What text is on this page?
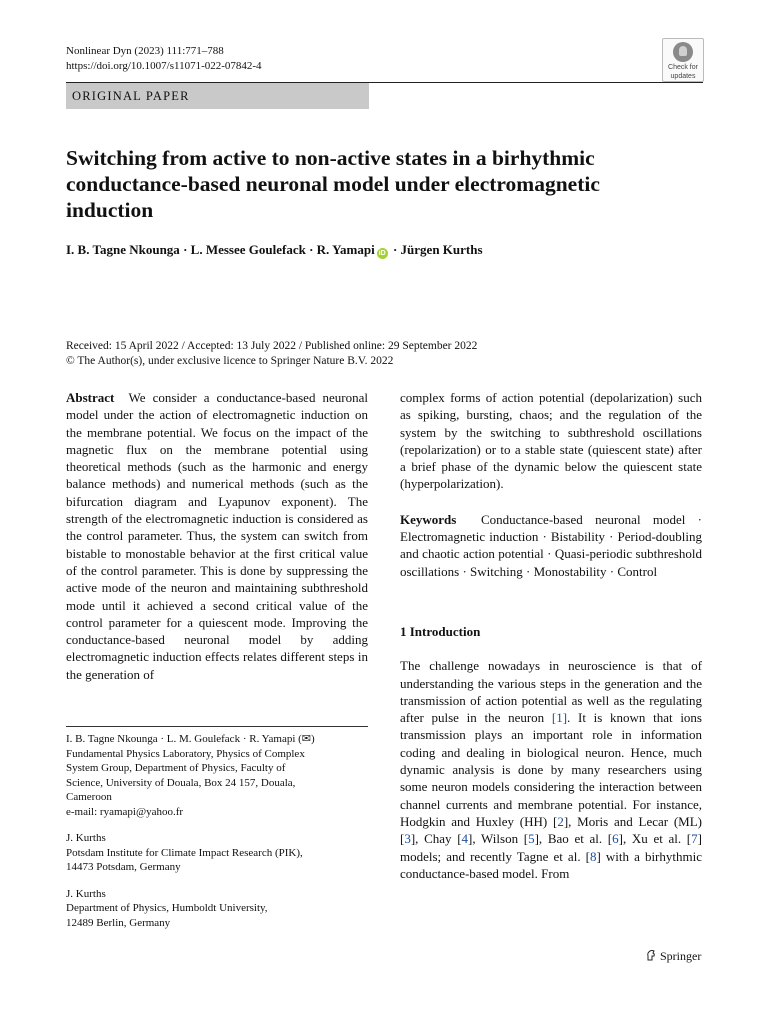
Nonlinear Dyn (2023) 111:771–788
https://doi.org/10.1007/s11071-022-07842-4	Check for
updates
ORIGINAL PAPER
Switching from active to non-active states in a birhythmic conductance-based neuronal model under electromagnetic induction
I. B. Tagne Nkounga · L. Messee Goulefack · R. Yamapi iD · Jürgen Kurths
Received: 15 April 2022 / Accepted: 13 July 2022 / Published online: 29 September 2022
© The Author(s), under exclusive licence to Springer Nature B.V. 2022

Abstract We consider a conductance-based neuronal model under the action of electromagnetic induction on the membrane potential. We focus on the impact of the magnetic flux on the membrane potential using theoretical methods (such as the harmonic and energy balance methods) and numerical methods (such as the bifurcation diagram and Lyapunov exponent). The strength of the electromagnetic induction is considered as the control parameter. Thus, the system can switch from bistable to monostable behavior at the first critical value of the control parameter. This is done by suppressing the active mode of the neuron and maintaining subthreshold mode until it achieved a second critical value of the control parameter for a quiescent mode. Improving the conductance-based neuronal model by adding electromagnetic induction effects relates different steps in the generation of

I. B. Tagne Nkounga · L. M. Goulefack · R. Yamapi (✉)
Fundamental Physics Laboratory, Physics of Complex
System Group, Department of Physics, Faculty of
Science, University of Douala, Box 24 157, Douala,
Cameroon
e-mail: ryamapi@yahoo.fr
J. Kurths
Potsdam Institute for Climate Impact Research (PIK),
14473 Potsdam, Germany
J. Kurths
Department of Physics, Humboldt University,
12489 Berlin, Germany

complex forms of action potential (depolarization) such as spiking, bursting, chaos; and the regulation of the system by the switching to subthreshold oscillations (repolarization) or to a stable state (quiescent state) after a brief phase of the dynamic below the quiescent state (hyperpolarization).

Keywords Conductance-based neuronal model · Electromagnetic induction · Bistability · Period-doubling and chaotic action potential · Quasi-periodic subthreshold oscillations · Switching · Monostability · Control

1 Introduction

The challenge nowadays in neuroscience is that of understanding the various steps in the generation and the transmission of action potential as well as the regulating after pulse in the neuron [1]. It is known that ions transmission plays an important role in information coding and dealing in biological neuron. Hence, much dynamic analysis is done by many researchers using some neuron models considering the interaction between channel currents and membrane potential. For instance, Hodgkin and Huxley (HH) [2], Moris and Lecar (ML) [3], Chay [4], Wilson [5], Bao et al. [6], Xu et al. [7] models; and recently Tagne et al. [8] with a birhythmic conductance-based model. From

Springer
